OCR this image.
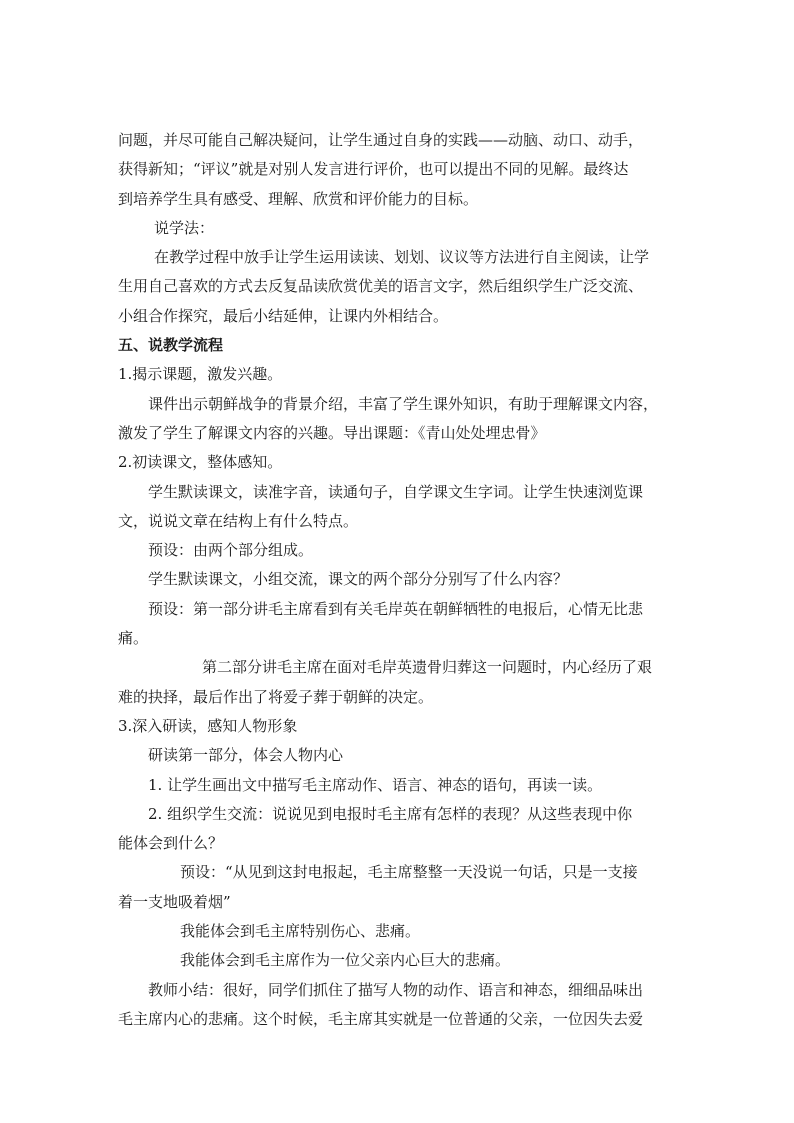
问题，并尽可能自己解决疑问，让学生通过自身的实践——动脑、动口、动手，
获得新知；“评议”就是对别人发言进行评价，也可以提出不同的见解。最终达
到培养学生具有感受、理解、欣赏和评价能力的目标。
说学法：
在教学过程中放手让学生运用读读、划划、议议等方法进行自主阅读，让学
生用自己喜欢的方式去反复品读欣赏优美的语言文字，然后组织学生广泛交流、
小组合作探究，最后小结延伸，让课内外相结合。
五、说教学流程
1.揭示课题，激发兴趣。
课件出示朝鲜战争的背景介绍，丰富了学生课外知识，有助于理解课文内容，
激发了学生了解课文内容的兴趣。导出课题：《青山处处埋忠骨》
2.初读课文，整体感知。
学生默读课文，读准字音，读通句子，自学课文生字词。让学生快速浏览课
文，说说文章在结构上有什么特点。
预设：由两个部分组成。
学生默读课文，小组交流，课文的两个部分分别写了什么内容？
预设：第一部分讲毛主席看到有关毛岸英在朝鲜牺牲的电报后，心情无比悲
痛。
第二部分讲毛主席在面对毛岸英遗骨归葬这一问题时，内心经历了艰
难的抉择，最后作出了将爱子葬于朝鲜的决定。
3.深入研读，感知人物形象
研读第一部分，体会人物内心
1. 让学生画出文中描写毛主席动作、语言、神态的语句，再读一读。
2. 组织学生交流：说说见到电报时毛主席有怎样的表现？从这些表现中你
能体会到什么？
预设：“从见到这封电报起，毛主席整整一天没说一句话，只是一支接
着一支地吸着烟”
我能体会到毛主席特别伤心、悲痛。
我能体会到毛主席作为一位父亲内心巨大的悲痛。
教师小结：很好，同学们抓住了描写人物的动作、语言和神态，细细品味出
毛主席内心的悲痛。这个时候，毛主席其实就是一位普通的父亲，一位因失去爱
